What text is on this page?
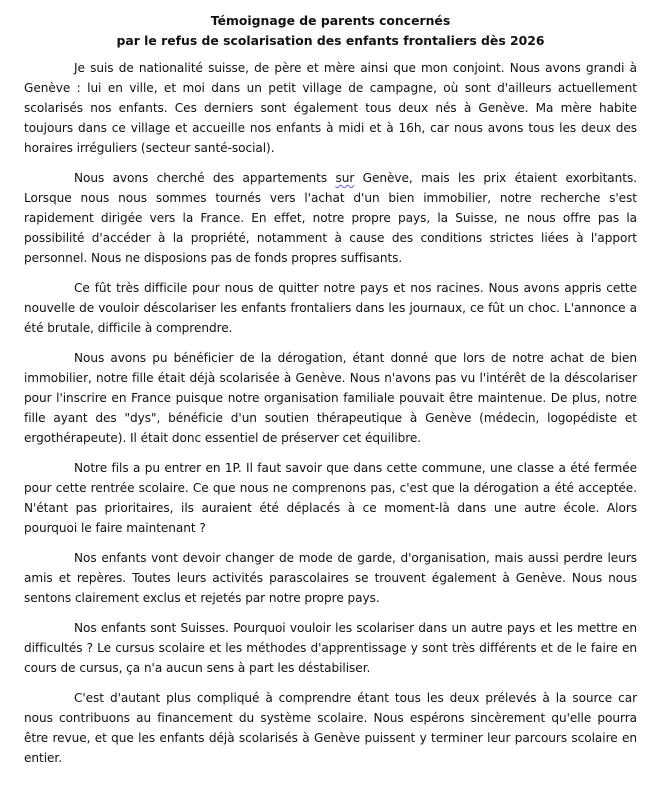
Témoignage de parents concernés
par le refus de scolarisation des enfants frontaliers dès 2026

Je suis de nationalité suisse, de père et mère ainsi que mon conjoint. Nous avons grandi à Genève : lui en ville, et moi dans un petit village de campagne, où sont d'ailleurs actuellement scolarisés nos enfants. Ces derniers sont également tous deux nés à Genève. Ma mère habite toujours dans ce village et accueille nos enfants à midi et à 16h, car nous avons tous les deux des horaires irréguliers (secteur santé-social).

Nous avons cherché des appartements sur Genève, mais les prix étaient exorbitants. Lorsque nous nous sommes tournés vers l'achat d'un bien immobilier, notre recherche s'est rapidement dirigée vers la France. En effet, notre propre pays, la Suisse, ne nous offre pas la possibilité d'accéder à la propriété, notamment à cause des conditions strictes liées à l'apport personnel. Nous ne disposions pas de fonds propres suffisants.

Ce fût très difficile pour nous de quitter notre pays et nos racines. Nous avons appris cette nouvelle de vouloir déscolariser les enfants frontaliers dans les journaux, ce fût un choc. L'annonce a été brutale, difficile à comprendre.

Nous avons pu bénéficier de la dérogation, étant donné que lors de notre achat de bien immobilier, notre fille était déjà scolarisée à Genève. Nous n'avons pas vu l'intérêt de la déscolariser pour l'inscrire en France puisque notre organisation familiale pouvait être maintenue. De plus, notre fille ayant des "dys", bénéficie d'un soutien thérapeutique à Genève (médecin, logopédiste et ergothérapeute). Il était donc essentiel de préserver cet équilibre.

Notre fils a pu entrer en 1P. Il faut savoir que dans cette commune, une classe a été fermée pour cette rentrée scolaire. Ce que nous ne comprenons pas, c'est que la dérogation a été acceptée. N'étant pas prioritaires, ils auraient été déplacés à ce moment-là dans une autre école. Alors pourquoi le faire maintenant ?

Nos enfants vont devoir changer de mode de garde, d'organisation, mais aussi perdre leurs amis et repères. Toutes leurs activités parascolaires se trouvent également à Genève. Nous nous sentons clairement exclus et rejetés par notre propre pays.

Nos enfants sont Suisses. Pourquoi vouloir les scolariser dans un autre pays et les mettre en difficultés ? Le cursus scolaire et les méthodes d'apprentissage y sont très différents et de le faire en cours de cursus, ça n'a aucun sens à part les déstabiliser.

C'est d'autant plus compliqué à comprendre étant tous les deux prélevés à la source car nous contribuons au financement du système scolaire. Nous espérons sincèrement qu'elle pourra être revue, et que les enfants déjà scolarisés à Genève puissent y terminer leur parcours scolaire en entier.
